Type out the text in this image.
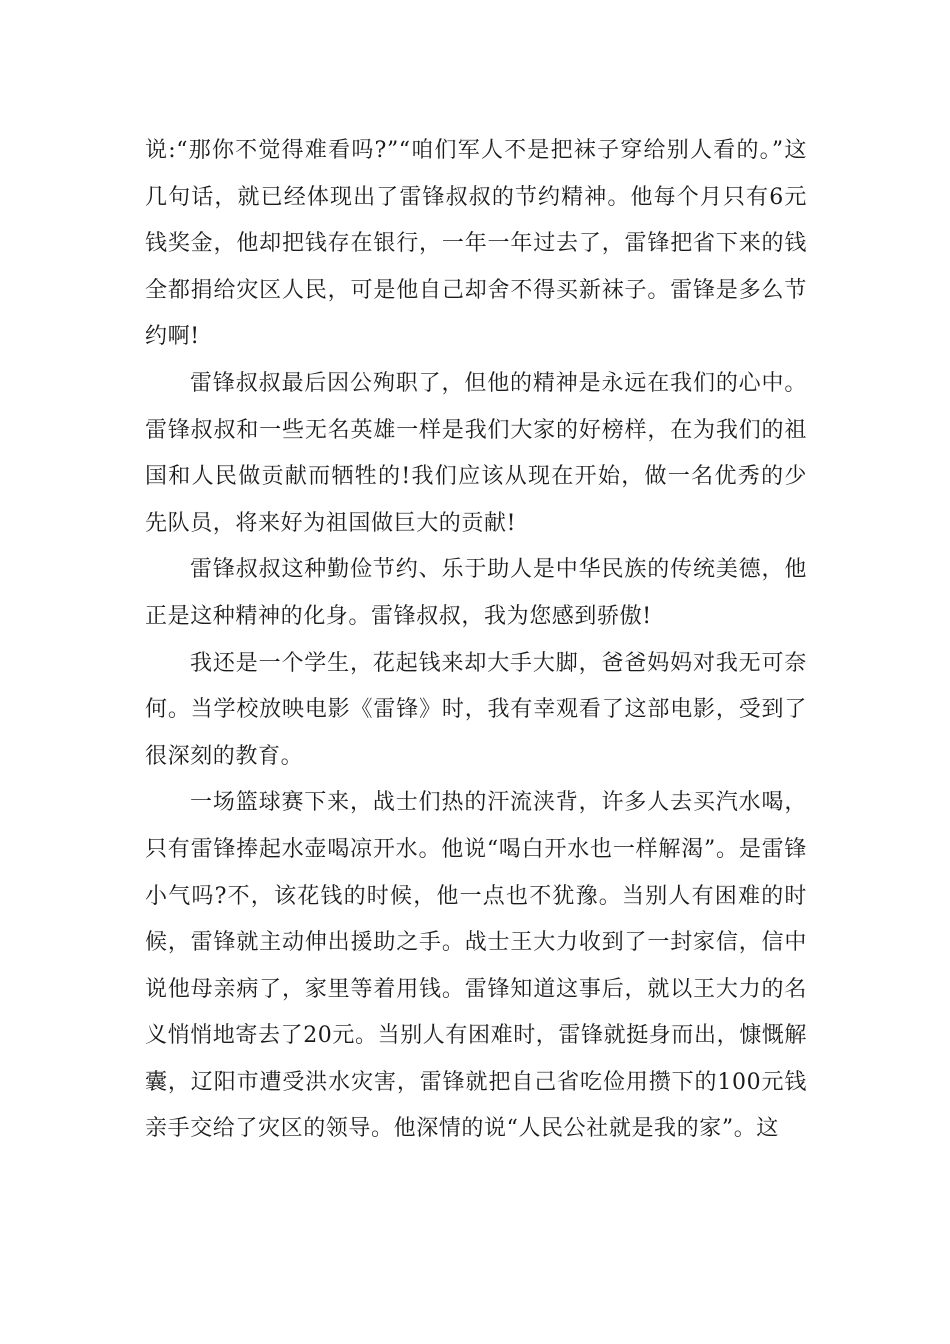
说:“那你不觉得难看吗?”“咱们军人不是把袜子穿给别人看的。”这几句话，就已经体现出了雷锋叔叔的节约精神。他每个月只有6元钱奖金，他却把钱存在银行，一年一年过去了，雷锋把省下来的钱全都捐给灾区人民，可是他自己却舍不得买新袜子。雷锋是多么节约啊!

雷锋叔叔最后因公殉职了，但他的精神是永远在我们的心中。雷锋叔叔和一些无名英雄一样是我们大家的好榜样，在为我们的祖国和人民做贡献而牺牲的!我们应该从现在开始，做一名优秀的少先队员，将来好为祖国做巨大的贡献!

雷锋叔叔这种勤俭节约、乐于助人是中华民族的传统美德，他正是这种精神的化身。雷锋叔叔，我为您感到骄傲!

我还是一个学生，花起钱来却大手大脚，爸爸妈妈对我无可奈何。当学校放映电影《雷锋》时，我有幸观看了这部电影，受到了很深刻的教育。

一场篮球赛下来，战士们热的汗流浃背，许多人去买汽水喝，只有雷锋捧起水壶喝凉开水。他说“喝白开水也一样解渴”。是雷锋小气吗?不，该花钱的时候，他一点也不犹豫。当别人有困难的时候，雷锋就主动伸出援助之手。战士王大力收到了一封家信，信中说他母亲病了，家里等着用钱。雷锋知道这事后，就以王大力的名义悄悄地寄去了20元。当别人有困难时，雷锋就挺身而出，慷慨解囊，辽阳市遭受洪水灾害，雷锋就把自己省吃俭用攒下的100元钱亲手交给了灾区的领导。他深情的说“人民公社就是我的家”。这
